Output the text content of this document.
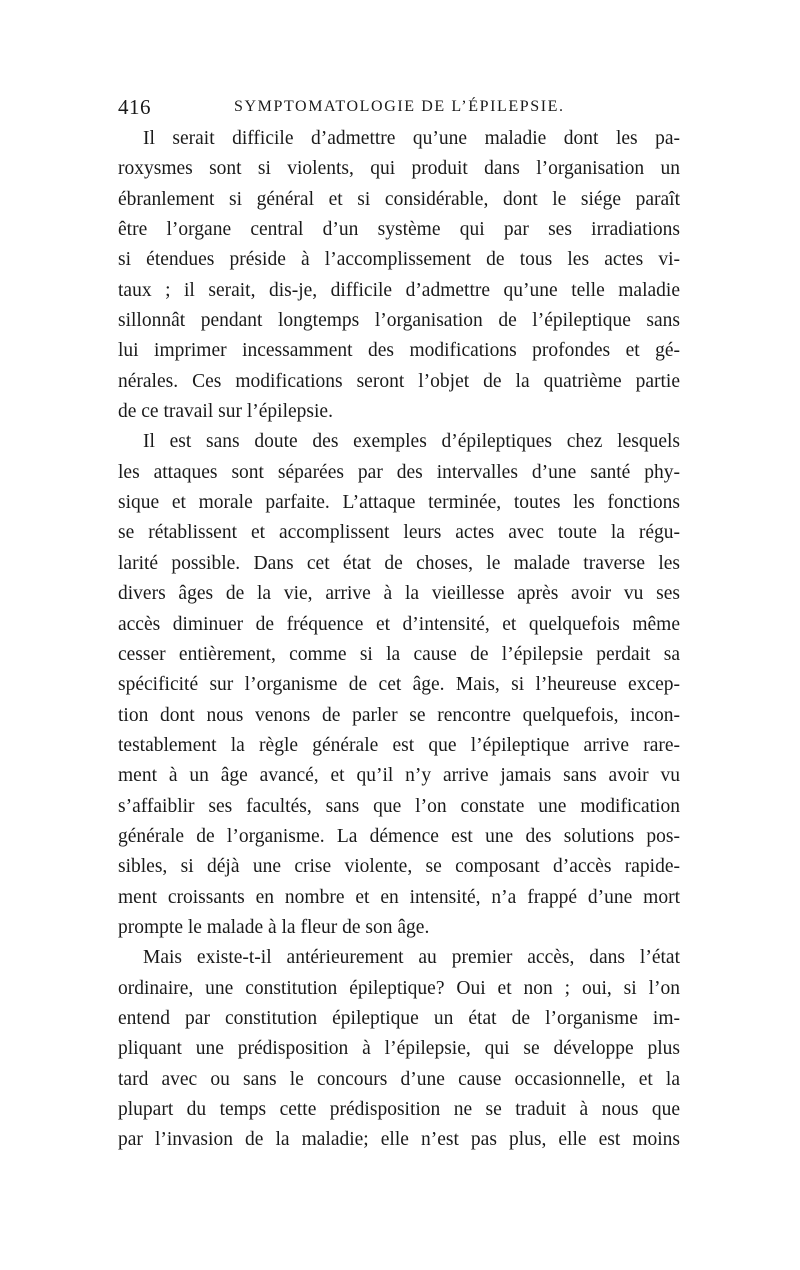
416	SYMPTOMATOLOGIE DE L’ÉPILEPSIE.
Il serait difficile d’admettre qu’une maladie dont les pa-
roxysmes sont si violents, qui produit dans l’organisation un
ébranlement si général et si considérable, dont le siége paraît
être l’organe central d’un système qui par ses irradiations
si étendues préside à l’accomplissement de tous les actes vi-
taux ; il serait, dis-je, difficile d’admettre qu’une telle maladie
sillonnât pendant longtemps l’organisation de l’épileptique sans
lui imprimer incessamment des modifications profondes et gé-
nérales. Ces modifications seront l’objet de la quatrième partie
de ce travail sur l’épilepsie.
Il est sans doute des exemples d’épileptiques chez lesquels
les attaques sont séparées par des intervalles d’une santé phy-
sique et morale parfaite. L’attaque terminée, toutes les fonctions
se rétablissent et accomplissent leurs actes avec toute la régu-
larité possible. Dans cet état de choses, le malade traverse les
divers âges de la vie, arrive à la vieillesse après avoir vu ses
accès diminuer de fréquence et d’intensité, et quelquefois même
cesser entièrement, comme si la cause de l’épilepsie perdait sa
spécificité sur l’organisme de cet âge. Mais, si l’heureuse excep-
tion dont nous venons de parler se rencontre quelquefois, incon-
testablement la règle générale est que l’épileptique arrive rare-
ment à un âge avancé, et qu’il n’y arrive jamais sans avoir vu
s’affaiblir ses facultés, sans que l’on constate une modification
générale de l’organisme. La démence est une des solutions pos-
sibles, si déjà une crise violente, se composant d’accès rapide-
ment croissants en nombre et en intensité, n’a frappé d’une mort
prompte le malade à la fleur de son âge.
Mais existe-t-il antérieurement au premier accès, dans l’état
ordinaire, une constitution épileptique? Oui et non ; oui, si l’on
entend par constitution épileptique un état de l’organisme im-
pliquant une prédisposition à l’épilepsie, qui se développe plus
tard avec ou sans le concours d’une cause occasionnelle, et la
plupart du temps cette prédisposition ne se traduit à nous que
par l’invasion de la maladie; elle n’est pas plus, elle est moins
